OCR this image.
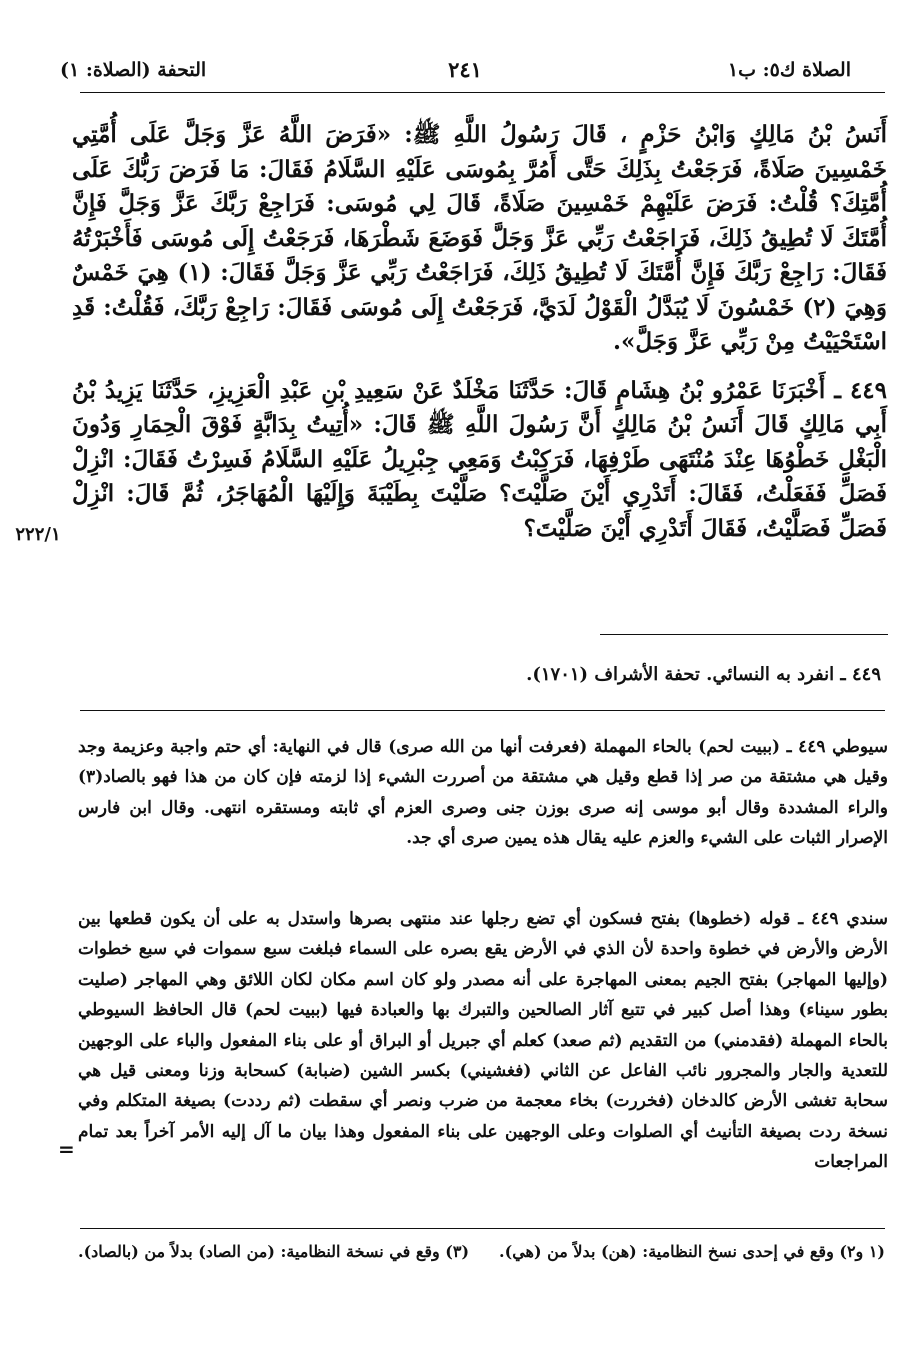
الصلاة ك٥: ب١
٢٤١
التحفة (الصلاة: ١)

أَنَسُ بْنُ مَالِكٍ وَابْنُ حَزْمٍ ، قَالَ رَسُولُ اللَّهِ ﷺ: «فَرَضَ اللَّهُ عَزَّ وَجَلَّ عَلَى أُمَّتِي خَمْسِينَ صَلَاةً، فَرَجَعْتُ بِذَلِكَ حَتَّى أَمُرَّ بِمُوسَى عَلَيْهِ السَّلَامُ فَقَالَ: مَا فَرَضَ رَبُّكَ عَلَى أُمَّتِكَ؟ قُلْتُ: فَرَضَ عَلَيْهِمْ خَمْسِينَ صَلَاةً، قَالَ لِي مُوسَى: فَرَاجِعْ رَبَّكَ عَزَّ وَجَلَّ فَإِنَّ أُمَّتَكَ لَا تُطِيقُ ذَلِكَ، فَرَاجَعْتُ رَبِّي عَزَّ وَجَلَّ فَوَضَعَ شَطْرَهَا، فَرَجَعْتُ إِلَى مُوسَى فَأَخْبَرْتُهُ فَقَالَ: رَاجِعْ رَبَّكَ فَإِنَّ أُمَّتَكَ لَا تُطِيقُ ذَلِكَ، فَرَاجَعْتُ رَبِّي عَزَّ وَجَلَّ فَقَالَ: (١) هِيَ خَمْسٌ وَهِيَ (٢) خَمْسُونَ لَا يُبَدَّلُ الْقَوْلُ لَدَيَّ، فَرَجَعْتُ إِلَى مُوسَى فَقَالَ: رَاجِعْ رَبَّكَ، فَقُلْتُ: قَدِ اسْتَحْيَيْتُ مِنْ رَبِّي عَزَّ وَجَلَّ».

٤٤٩ ـ أَخْبَرَنَا عَمْرُو بْنُ هِشَامٍ قَالَ: حَدَّثَنَا مَخْلَدٌ عَنْ سَعِيدِ بْنِ عَبْدِ الْعَزِيزِ، حَدَّثَنَا يَزِيدُ بْنُ أَبِي مَالِكٍ قَالَ أَنَسُ بْنُ مَالِكٍ أَنَّ رَسُولَ اللَّهِ ﷺ قَالَ: «أُتِيتُ بِدَابَّةٍ فَوْقَ الْحِمَارِ وَدُونَ الْبَغْلِ خَطْوُهَا عِنْدَ مُنْتَهَى طَرْفِهَا، فَرَكِبْتُ وَمَعِي جِبْرِيلُ عَلَيْهِ السَّلَامُ فَسِرْتُ فَقَالَ: انْزِلْ فَصَلِّ فَفَعَلْتُ، فَقَالَ: أَتَدْرِي أَيْنَ صَلَّيْتَ؟ صَلَّيْتَ بِطَيْبَةَ وَإِلَيْهَا الْمُهَاجَرُ، ثُمَّ قَالَ: انْزِلْ فَصَلِّ فَصَلَّيْتُ، فَقَالَ أَتَدْرِي أَيْنَ صَلَّيْتَ؟

٢٢٢/١
٤٤٩ ـ انفرد به النسائي. تحفة الأشراف (١٧٠١).

سيوطي ٤٤٩ ـ (ببيت لحم) بالحاء المهملة (فعرفت أنها من الله صرى) قال في النهاية: أي حتم واجبة وعزيمة وجد وقيل هي مشتقة من صر إذا قطع وقيل هي مشتقة من أصررت الشيء إذا لزمته فإن كان من هذا فهو بالصاد(٣) والراء المشددة وقال أبو موسى إنه صرى بوزن جنى وصرى العزم أي ثابته ومستقره انتهى. وقال ابن فارس الإصرار الثبات على الشيء والعزم عليه يقال هذه يمين صرى أي جد.

سندي ٤٤٩ ـ قوله (خطوها) بفتح فسكون أي تضع رجلها عند منتهى بصرها واستدل به على أن يكون قطعها بين الأرض والأرض في خطوة واحدة لأن الذي في الأرض يقع بصره على السماء فبلغت سبع سموات في سبع خطوات (وإليها المهاجر) بفتح الجيم بمعنى المهاجرة على أنه مصدر ولو كان اسم مكان لكان اللائق وهي المهاجر (صليت بطور سيناء) وهذا أصل كبير في تتبع آثار الصالحين والتبرك بها والعبادة فيها (ببيت لحم) قال الحافظ السيوطي بالحاء المهملة (فقدمني) من التقديم (ثم صعد) كعلم أي جبريل أو البراق أو على بناء المفعول والباء على الوجهين للتعدية والجار والمجرور نائب الفاعل عن الثاني (فغشيني) بكسر الشين (ضبابة) كسحابة وزنا ومعنى قيل هي سحابة تغشى الأرض كالدخان (فخررت) بخاء معجمة من ضرب ونصر أي سقطت (ثم رددت) بصيغة المتكلم وفي نسخة ردت بصيغة التأنيث أي الصلوات وعلى الوجهين على بناء المفعول وهذا بيان ما آل إليه الأمر آخراً بعد تمام المراجعات

=
(١ و٢) وقع في إحدى نسخ النظامية: (هن) بدلاً من (هي).
(٣) وقع في نسخة النظامية: (من الصاد) بدلاً من (بالصاد).
